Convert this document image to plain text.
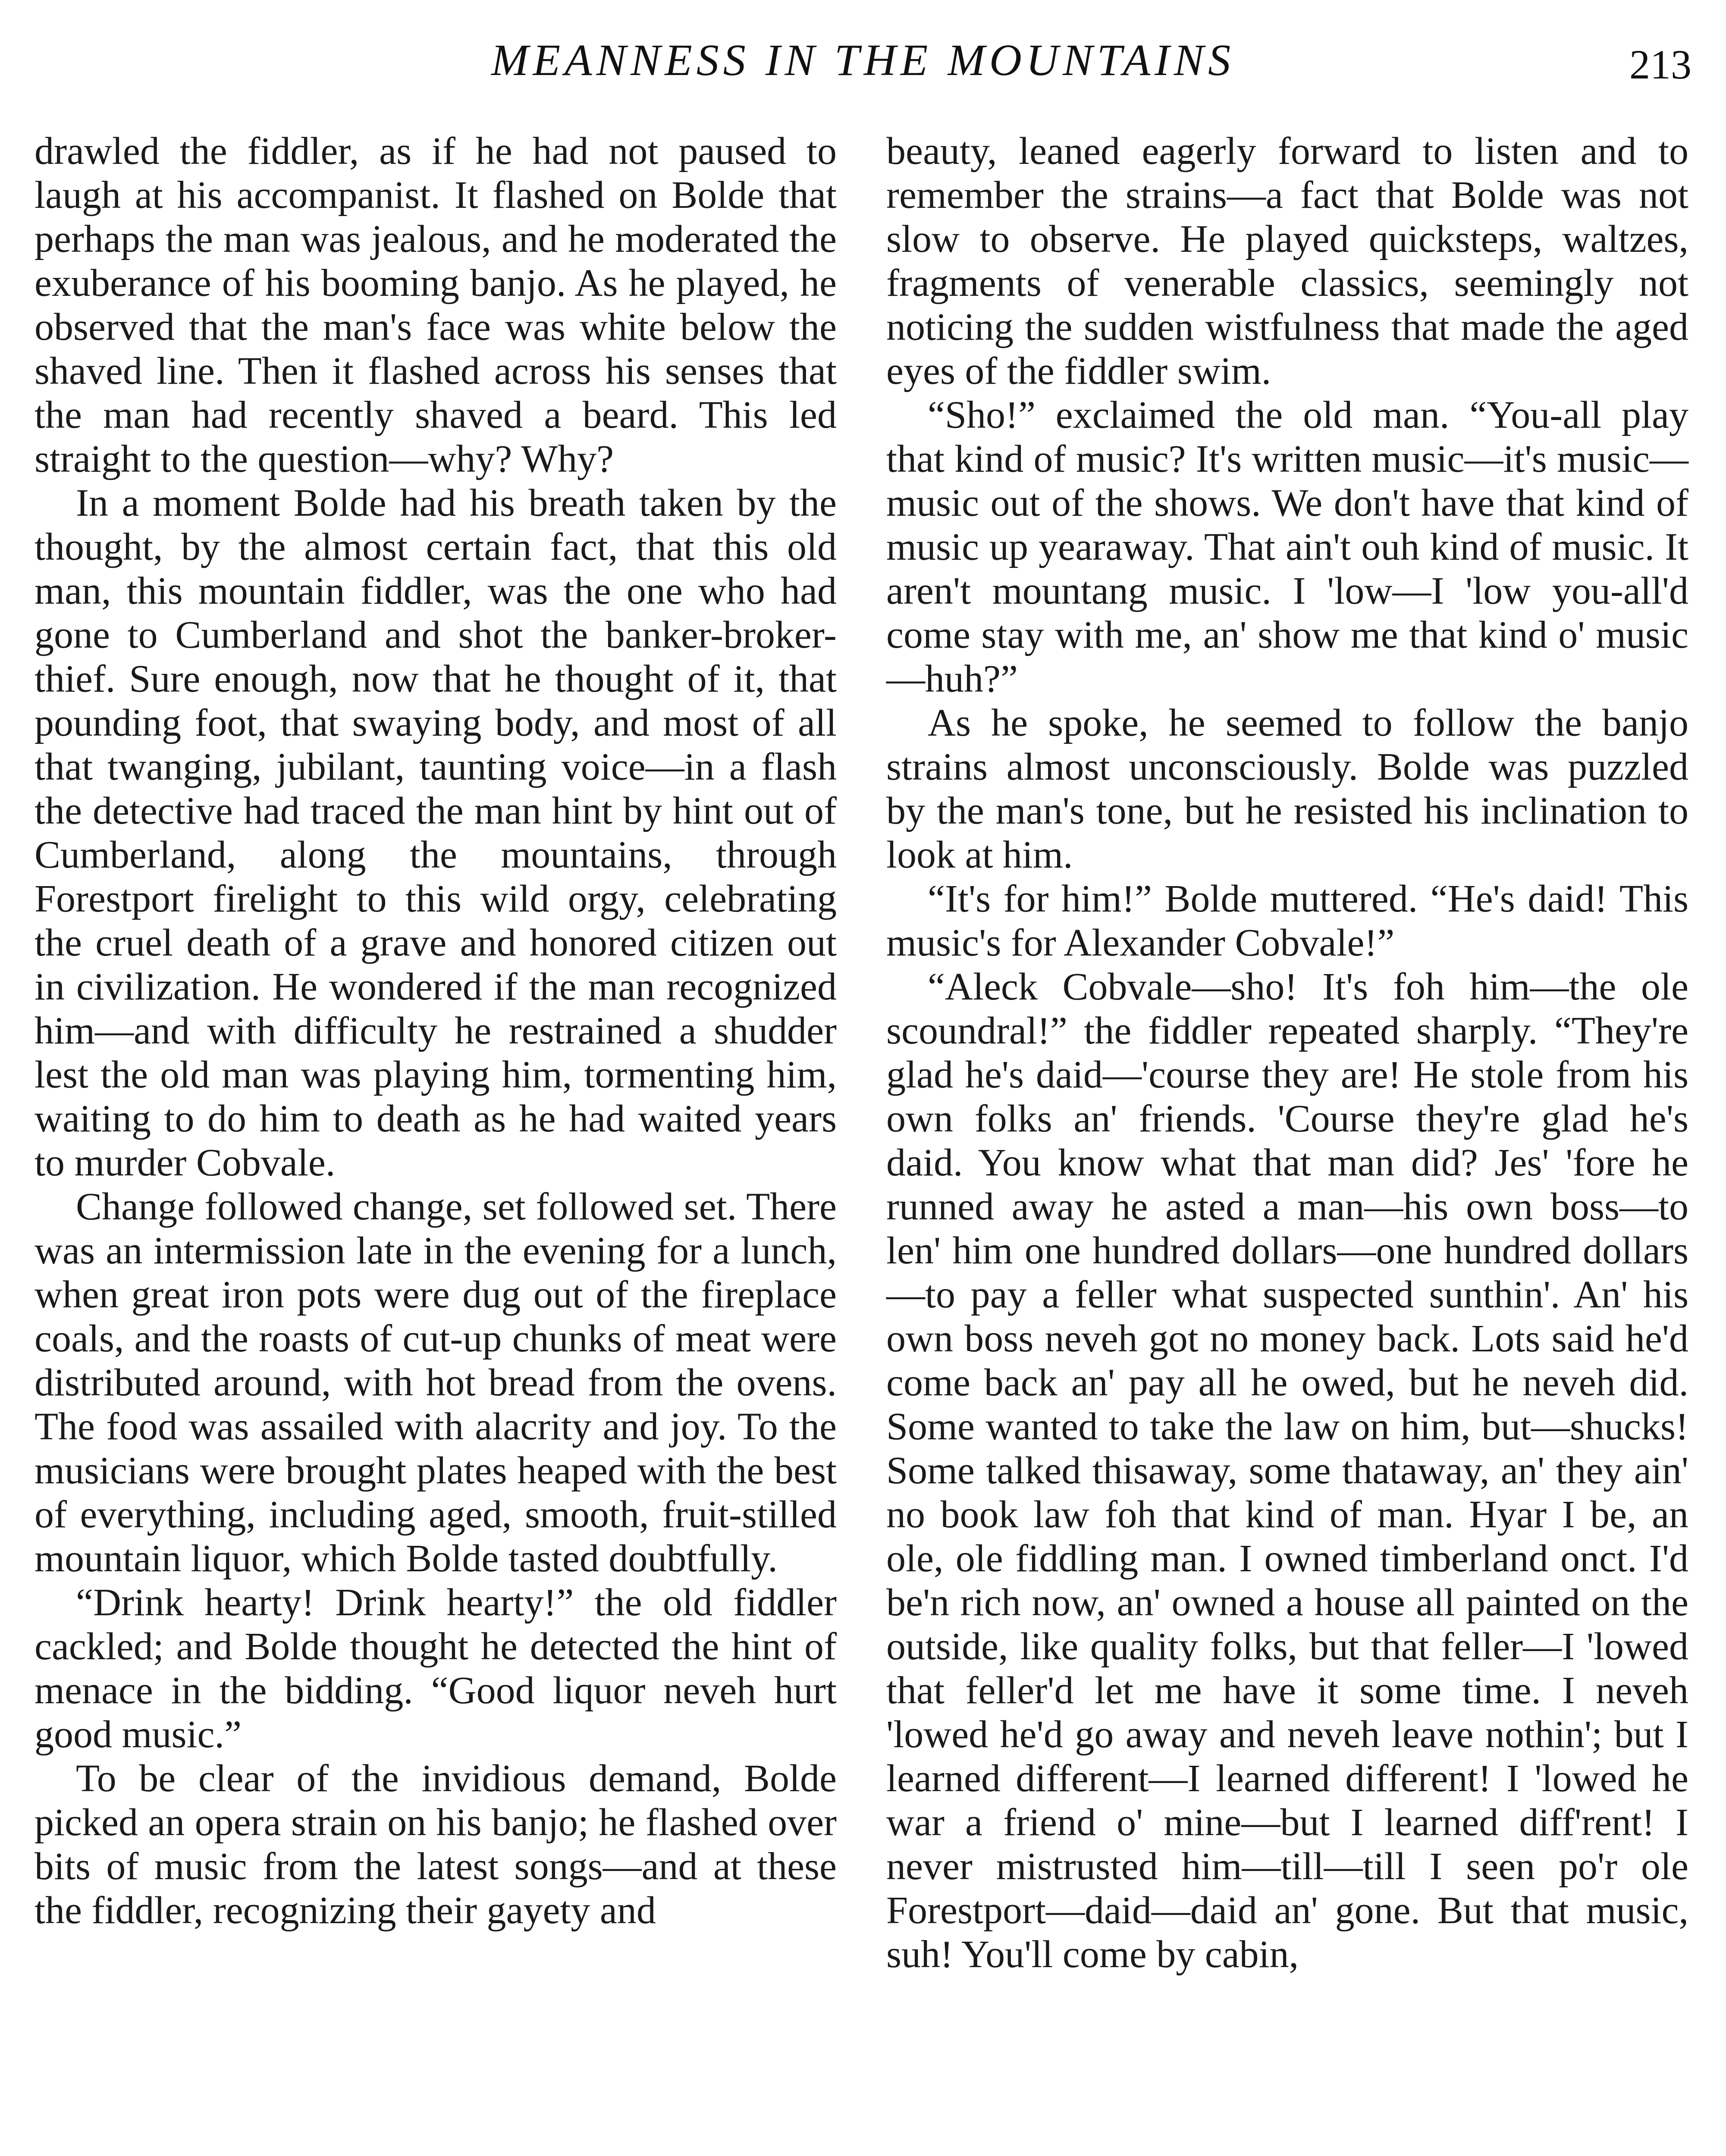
MEANNESS IN THE MOUNTAINS	213

drawled the fiddler, as if he had not paused to laugh at his accompanist. It flashed on Bolde that perhaps the man was jealous, and he moderated the exuberance of his booming banjo. As he played, he observed that the man's face was white below the shaved line. Then it flashed across his senses that the man had recently shaved a beard. This led straight to the question—why? Why?

In a moment Bolde had his breath taken by the thought, by the almost certain fact, that this old man, this mountain fiddler, was the one who had gone to Cumberland and shot the banker-broker-thief. Sure enough, now that he thought of it, that pounding foot, that swaying body, and most of all that twanging, jubilant, taunting voice—in a flash the detective had traced the man hint by hint out of Cumberland, along the mountains, through Forestport firelight to this wild orgy, celebrating the cruel death of a grave and honored citizen out in civilization. He wondered if the man recognized him—and with difficulty he restrained a shudder lest the old man was playing him, tormenting him, waiting to do him to death as he had waited years to murder Cobvale.

Change followed change, set followed set. There was an intermission late in the evening for a lunch, when great iron pots were dug out of the fireplace coals, and the roasts of cut-up chunks of meat were distributed around, with hot bread from the ovens. The food was assailed with alacrity and joy. To the musicians were brought plates heaped with the best of everything, including aged, smooth, fruit-stilled mountain liquor, which Bolde tasted doubtfully.

“Drink hearty! Drink hearty!” the old fiddler cackled; and Bolde thought he detected the hint of menace in the bidding. “Good liquor neveh hurt good music.”

To be clear of the invidious demand, Bolde picked an opera strain on his banjo; he flashed over bits of music from the latest songs—and at these the fiddler, recognizing their gayety and

beauty, leaned eagerly forward to listen and to remember the strains—a fact that Bolde was not slow to observe. He played quicksteps, waltzes, fragments of venerable classics, seemingly not noticing the sudden wistfulness that made the aged eyes of the fiddler swim.

“Sho!” exclaimed the old man. “You-all play that kind of music? It's written music—it's music—music out of the shows. We don't have that kind of music up yearaway. That ain't ouh kind of music. It aren't mountang music. I 'low—I 'low you-all'd come stay with me, an' show me that kind o' music—huh?”

As he spoke, he seemed to follow the banjo strains almost unconsciously. Bolde was puzzled by the man's tone, but he resisted his inclination to look at him.

“It's for him!” Bolde muttered. “He's daid! This music's for Alexander Cobvale!”

“Aleck Cobvale—sho! It's foh him—the ole scoundral!” the fiddler repeated sharply. “They're glad he's daid—'course they are! He stole from his own folks an' friends. 'Course they're glad he's daid. You know what that man did? Jes' 'fore he runned away he asted a man—his own boss—to len' him one hundred dollars—one hundred dollars—to pay a feller what suspected sunthin'. An' his own boss neveh got no money back. Lots said he'd come back an' pay all he owed, but he neveh did. Some wanted to take the law on him, but—shucks! Some talked thisaway, some thataway, an' they ain' no book law foh that kind of man. Hyar I be, an ole, ole fiddling man. I owned timberland onct. I'd be'n rich now, an' owned a house all painted on the outside, like quality folks, but that feller—I 'lowed that feller'd let me have it some time. I neveh 'lowed he'd go away and neveh leave nothin'; but I learned different—I learned different! I 'lowed he war a friend o' mine—but I learned diff'rent! I never mistrusted him—till—till I seen po'r ole Forestport—daid—daid an' gone. But that music, suh! You'll come by cabin,
